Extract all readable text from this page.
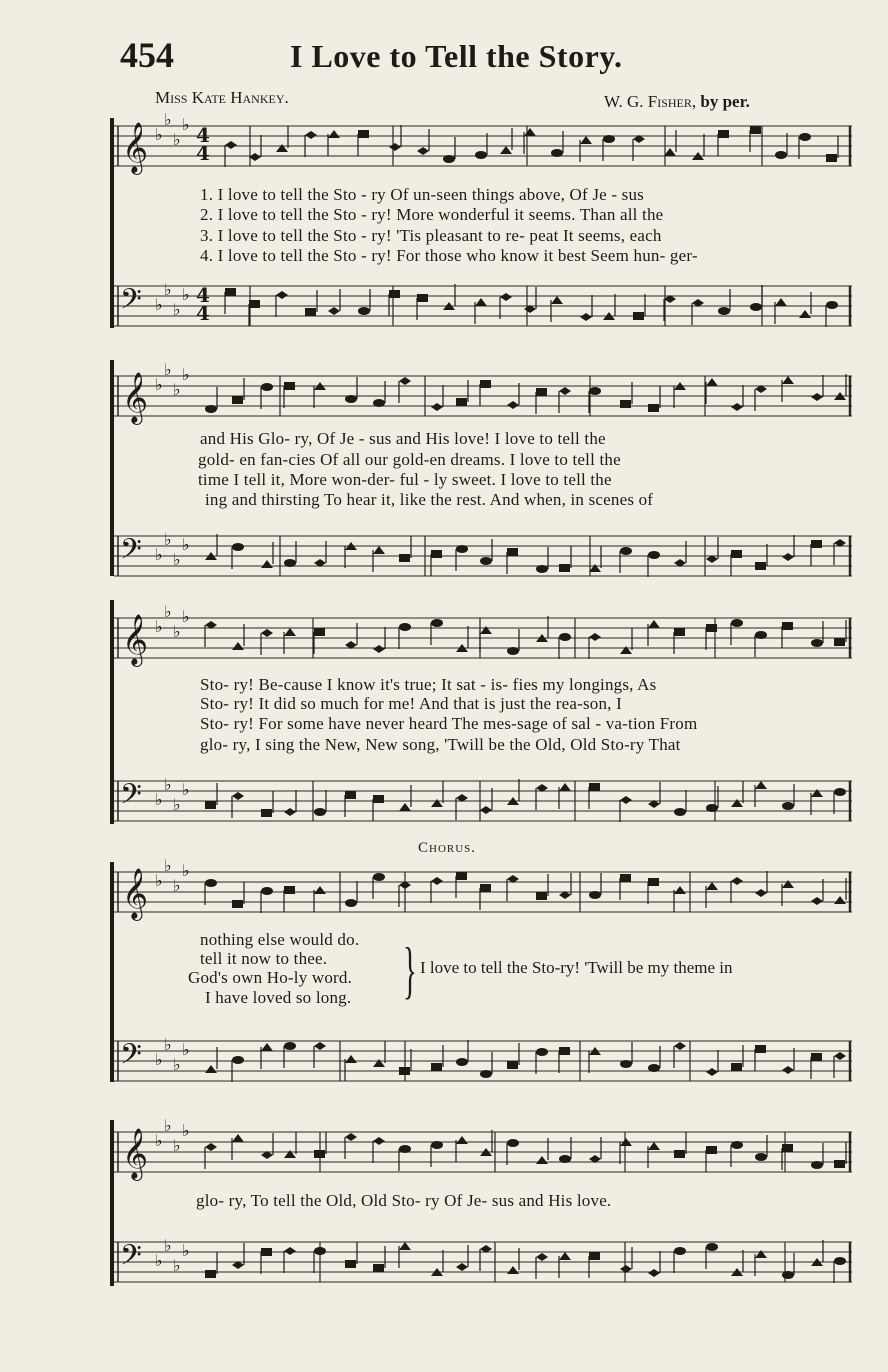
454	I Love to Tell the Story.
Miss Kate Hankey.	W. G. Fisher, by per.
𝄞 ♭
♭
♭
♭ 4
4
𝄢 ♭
♭
♭
♭ 4
4
𝄞 ♭
♭
♭
♭
𝄢 ♭
♭
♭
♭
𝄞 ♭
♭
♭
♭
𝄢 ♭
♭
♭
♭
𝄞 ♭
♭
♭
♭
𝄢 ♭
♭
♭
♭
𝄞 ♭
♭
♭
♭
𝄢 ♭
♭
♭
♭
1. I love to tell the Sto - ry Of un-seen things above, Of Je - sus
2. I love to tell the Sto - ry! More wonderful it seems. Than all the
3. I love to tell the Sto - ry! 'Tis pleasant to re- peat It seems, each
4. I love to tell the Sto - ry! For those who know it best Seem hun- ger-
and His Glo- ry, Of Je - sus and His love! I love to tell the
gold- en fan-cies Of all our gold-en dreams. I love to tell the
time I tell it, More won-der- ful - ly sweet. I love to tell the
ing and thirsting To hear it, like the rest. And when, in scenes of
Sto- ry! Be-cause I know it's true; It sat - is- fies my longings, As
Sto- ry! It did so much for me! And that is just the rea-son, I
Sto- ry! For some have never heard The mes-sage of sal - va-tion From
glo- ry, I sing the New, New song, 'Twill be the Old, Old Sto-ry That
Chorus.
nothing else would do.
tell it now to thee.
God's own Ho-ly word.
I have loved so long. } I love to tell the Sto-ry! 'Twill be my theme in
glo- ry, To tell the Old, Old Sto- ry Of Je- sus and His love.
